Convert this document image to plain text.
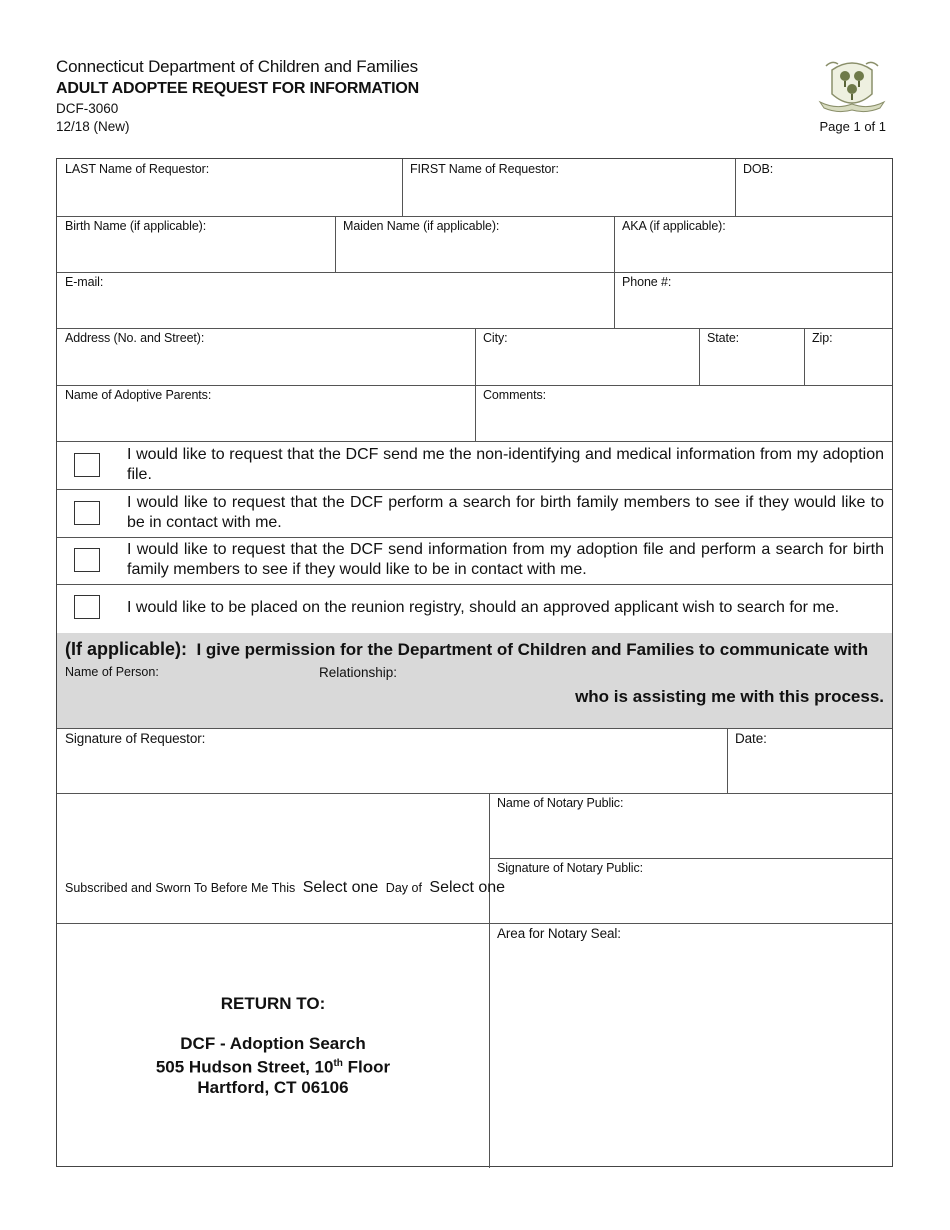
Connecticut Department of Children and Families
ADULT ADOPTEE REQUEST FOR INFORMATION
DCF-3060
12/18 (New)	Page 1 of 1
LAST Name of Requestor:	FIRST Name of Requestor:	DOB:
Birth Name (if applicable):	Maiden Name (if applicable):	AKA (if applicable):
E-mail:	Phone #:
Address (No. and Street):	City:	State:	Zip:
Name of Adoptive Parents:	Comments:
I would like to request that the DCF send me the non-identifying and medical information from my adoption file.
I would like to request that the DCF perform a search for birth family members to see if they would like to be in contact with me.
I would like to request that the DCF send information from my adoption file and perform a search for birth family members to see if they would like to be in contact with me.
I would like to be placed on the reunion registry, should an approved applicant wish to search for me.
(If applicable): I give permission for the Department of Children and Families to communicate with
Name of Person:	Relationship:
who is assisting me with this process.
Signature of Requestor:	Date:
Subscribed and Sworn To Before Me This Select one Day of Select one
Name of Notary Public:
Signature of Notary Public:
Area for Notary Seal:
RETURN TO:
DCF - Adoption Search
505 Hudson Street, 10th Floor
Hartford, CT 06106
